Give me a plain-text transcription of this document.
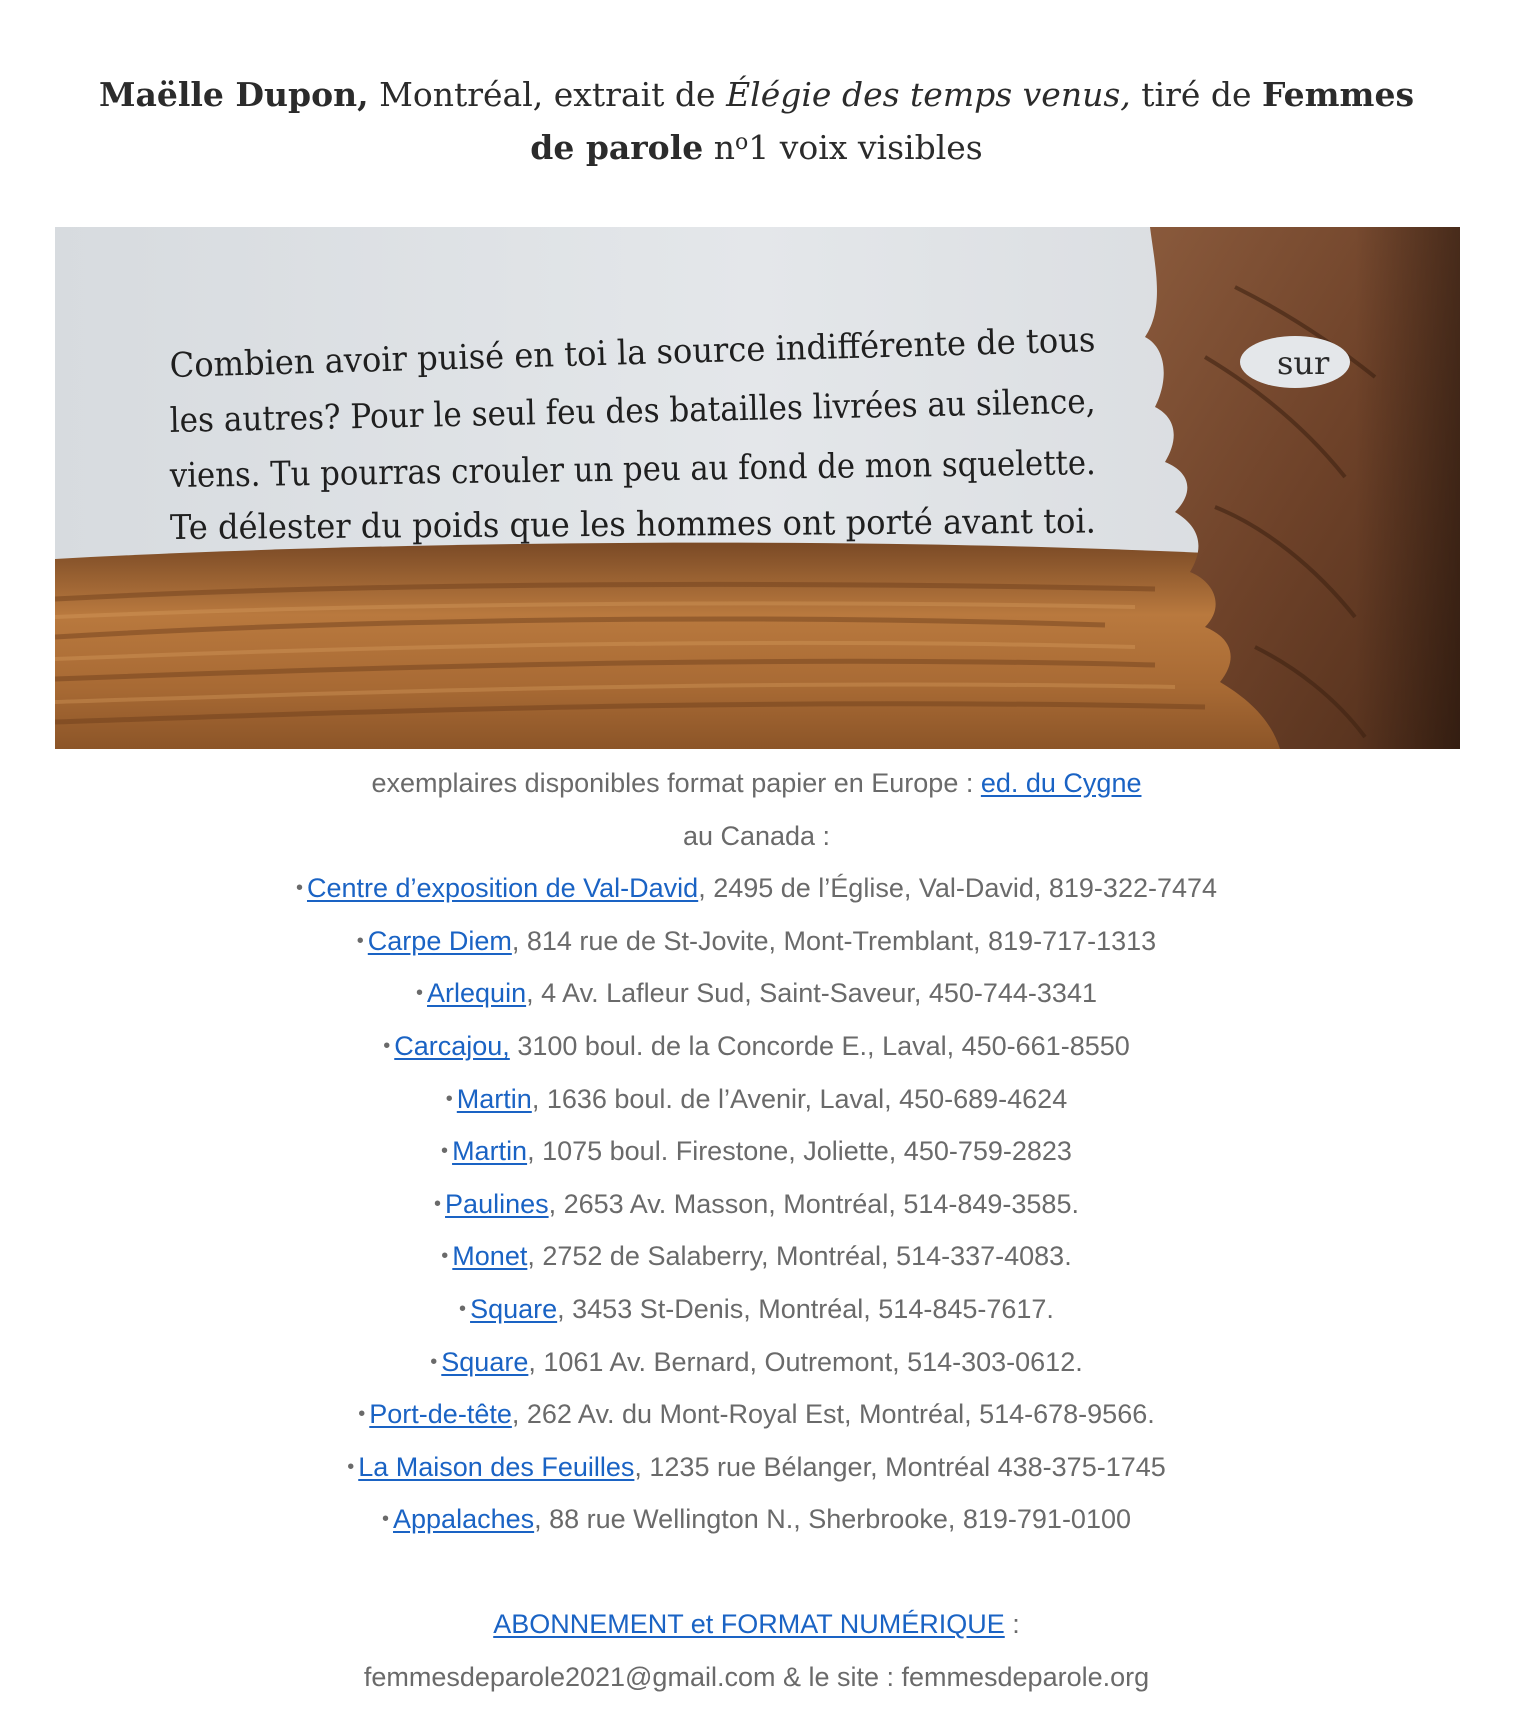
Maëlle Dupon, Montréal, extrait de Élégie des temps venus, tiré de Femmes de parole $n^o1$ voix visibles
Combien avoir puisé en toi la source indifférente de tous
les autres? Pour le seul feu des batailles livrées au silence,
viens. Tu pourras crouler un peu au fond de mon squelette.
Te délester du poids que les hommes ont porté avant toi.
sur

exemplaires disponibles format papier en Europe : ed. du Cygne

au Canada :

• Centre d’exposition de Val-David, 2495 de l’Église, Val-David, 819-322-7474

• Carpe Diem, 814 rue de St-Jovite, Mont-Tremblant, 819-717-1313

• Arlequin, 4 Av. Lafleur Sud, Saint-Saveur, 450-744-3341

• Carcajou, 3100 boul. de la Concorde E., Laval, 450-661-8550

• Martin, 1636 boul. de l’Avenir, Laval, 450-689-4624

• Martin, 1075 boul. Firestone, Joliette, 450-759-2823

• Paulines, 2653 Av. Masson, Montréal, 514-849-3585.

• Monet, 2752 de Salaberry, Montréal, 514-337-4083.

• Square, 3453 St-Denis, Montréal, 514-845-7617.

• Square, 1061 Av. Bernard, Outremont, 514-303-0612.

• Port-de-tête, 262 Av. du Mont-Royal Est, Montréal, 514-678-9566.

• La Maison des Feuilles, 1235 rue Bélanger, Montréal 438-375-1745

• Appalaches, 88 rue Wellington N., Sherbrooke, 819-791-0100

ABONNEMENT et FORMAT NUMÉRIQUE :

femmesdeparole2021@gmail.com & le site : femmesdeparole.org
